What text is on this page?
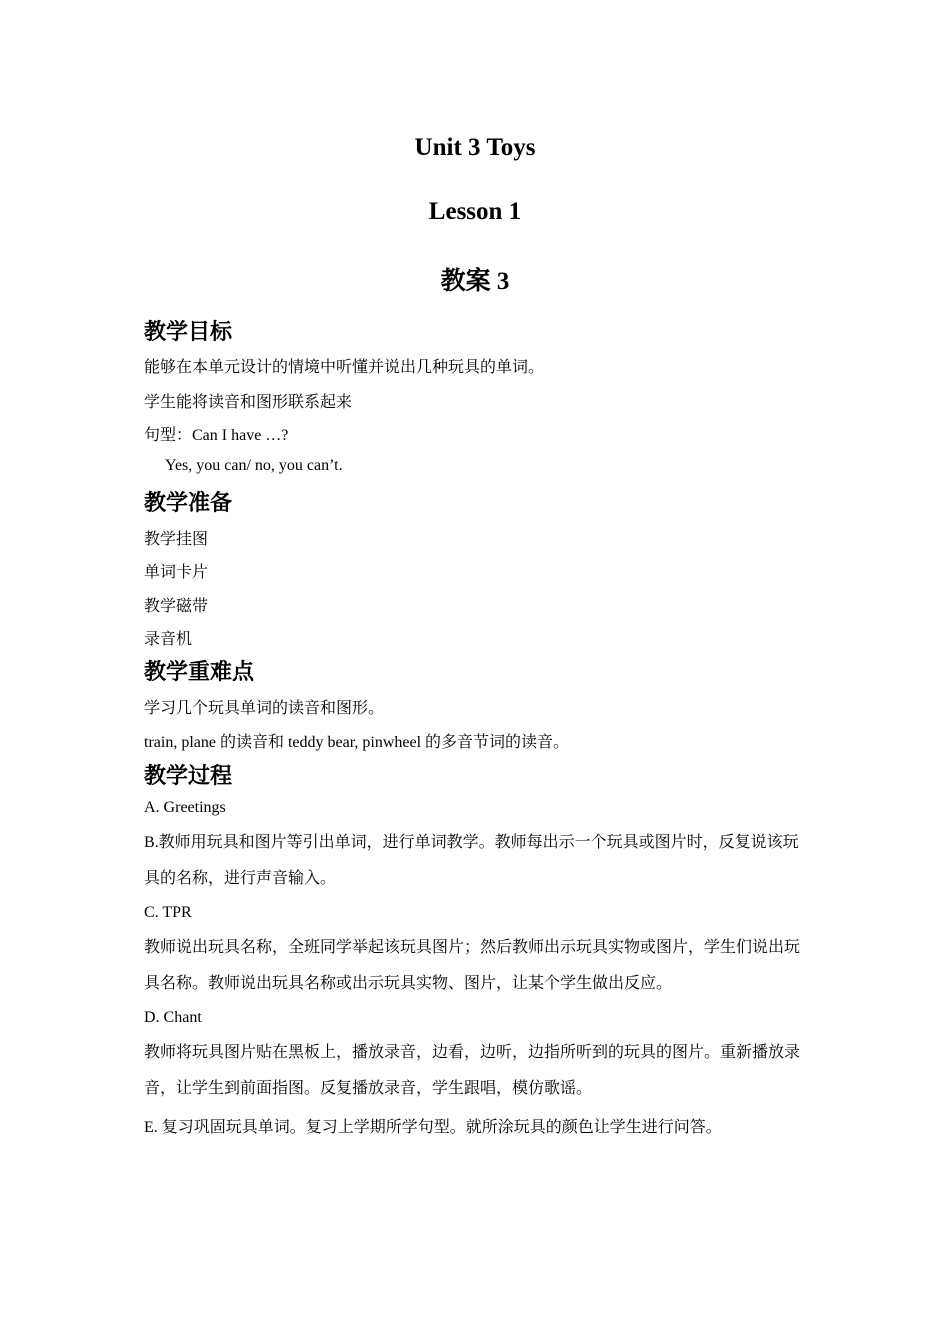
Unit 3 Toys
Lesson 1
教案 3
教学目标

能够在本单元设计的情境中听懂并说出几种玩具的单词。

学生能将读音和图形联系起来

句型：Can I have …?

Yes, you can/ no, you can’t.

教学准备

教学挂图

单词卡片

教学磁带

录音机

教学重难点

学习几个玩具单词的读音和图形。

train, plane 的读音和 teddy bear, pinwheel 的多音节词的读音。

教学过程

A. Greetings

B.教师用玩具和图片等引出单词，进行单词教学。教师每出示一个玩具或图片时，反复说该玩具的名称，进行声音输入。

C. TPR

教师说出玩具名称，全班同学举起该玩具图片；然后教师出示玩具实物或图片，学生们说出玩具名称。教师说出玩具名称或出示玩具实物、图片，让某个学生做出反应。

D. Chant

教师将玩具图片贴在黑板上，播放录音，边看，边听，边指所听到的玩具的图片。重新播放录音，让学生到前面指图。反复播放录音，学生跟唱，模仿歌谣。

E. 复习巩固玩具单词。复习上学期所学句型。就所涂玩具的颜色让学生进行问答。
